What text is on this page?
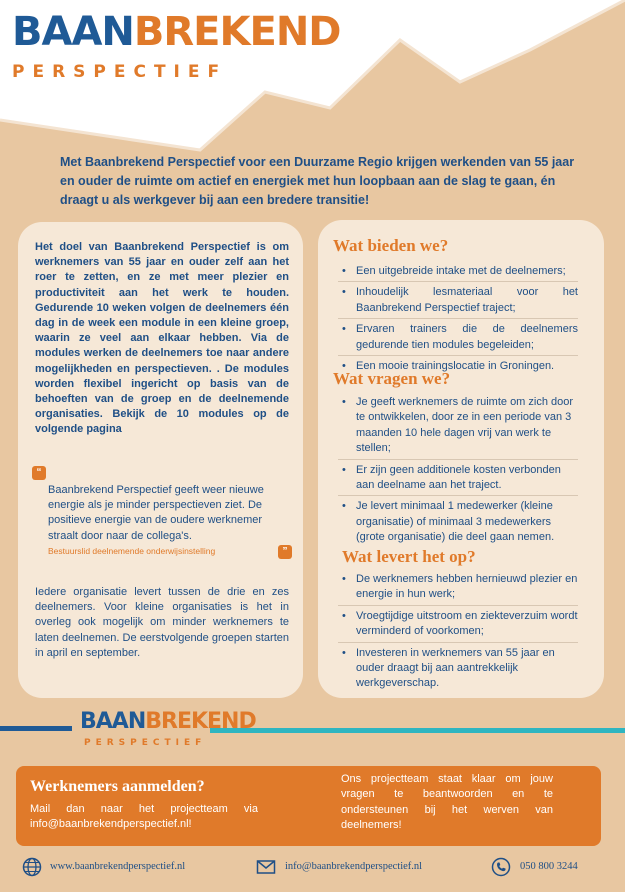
BAANBREKEND
PERSPECTIEF
Met Baanbrekend Perspectief voor een Duurzame Regio krijgen werkenden van 55 jaar en ouder de ruimte om actief en energiek met hun loopbaan aan de slag te gaan, én draagt u als werkgever bij aan een bredere transitie!
Het doel van Baanbrekend Perspectief is om werknemers van 55 jaar en ouder zelf aan het roer te zetten, en ze met meer plezier en productiviteit aan het werk te houden. Gedurende 10 weken volgen de deelnemers één dag in de week een module in een kleine groep, waarin ze veel aan elkaar hebben. Via de modules werken de deelnemers toe naar andere mogelijkheden en perspectieven. . De modules worden flexibel ingericht op basis van de behoeften van de groep en de deelnemende organisaties. Bekijk de 10 modules op de volgende pagina
“
Baanbrekend Perspectief geeft weer nieuwe energie als je minder perspectieven ziet. De positieve energie van de oudere werknemer straalt door naar de collega's.
Bestuurslid deelnemende onderwijsinstelling	”
Iedere organisatie levert tussen de drie en zes deelnemers. Voor kleine organisaties is het in overleg ook mogelijk om minder werknemers te laten deelnemen. De eerstvolgende groepen starten in april en september.
Wat bieden we?
• Een uitgebreide intake met de deelnemers;
• Inhoudelijk lesmateriaal voor het Baanbrekend Perspectief traject;
• Ervaren trainers die de deelnemers gedurende tien modules begeleiden;
• Een mooie trainingslocatie in Groningen.
Wat vragen we?
• Je geeft werknemers de ruimte om zich door te ontwikkelen, door ze in een periode van 3 maanden 10 hele dagen vrij van werk te stellen;
• Er zijn geen additionele kosten verbonden aan deelname aan het traject.
• Je levert minimaal 1 medewerker (kleine organisatie) of minimaal 3 medewerkers (grote organisatie) die deel gaan nemen.
Wat levert het op?
• De werknemers hebben hernieuwd plezier en energie in hun werk;
• Vroegtijdige uitstroom en ziekteverzuim wordt verminderd of voorkomen;
• Investeren in werknemers van 55 jaar en ouder draagt bij aan aantrekkelijk werkgeverschap.
BAANBREKEND
PERSPECTIEF
Werknemers aanmelden?
Mail dan naar het projectteam via info@baanbrekendperspectief.nl!
Ons projectteam staat klaar om jouw vragen te beantwoorden en te ondersteunen bij het werven van deelnemers!
www.baanbrekendperspectief.nl	info@baanbrekendperspectief.nl	050 800 3244
